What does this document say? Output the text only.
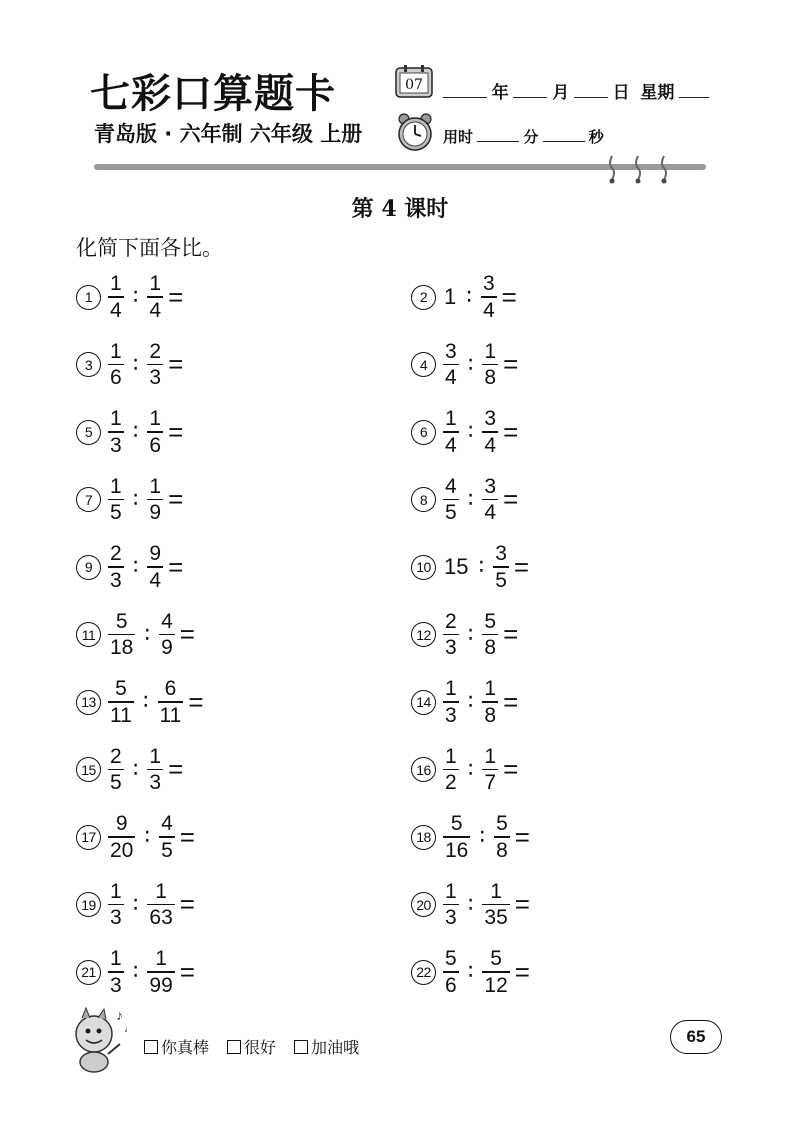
七彩口算题卡
青岛版 · 六年制 六年级 上册
07	年	月	日 星期
用时	分	秒
第 4 课时
化简下面各比。
$1 \frac{1}{4}$ ∶ $\frac{1}{4}$ =	2 1 ∶ $\frac{3}{4}$ =
$3 \frac{1}{6}$ ∶ $\frac{2}{3}$ =	$4 \frac{3}{4}$ ∶ $\frac{1}{8}$ =
$5 \frac{1}{3}$ ∶ $\frac{1}{6}$ =	$6 \frac{1}{4}$ ∶ $\frac{3}{4}$ =
$7 \frac{1}{5}$ ∶ $\frac{1}{9}$ =	$8 \frac{4}{5}$ ∶ $\frac{3}{4}$ =
$9 \frac{2}{3}$ ∶ $\frac{9}{4}$ =	10 15 ∶ $\frac{3}{5}$ =
$11 \frac{5}{18}$ ∶ $\frac{4}{9}$ =	$12 \frac{2}{3}$ ∶ $\frac{5}{8}$ =
$13 \frac{5}{11}$ ∶ $\frac{6}{11}$ =	$14 \frac{1}{3}$ ∶ $\frac{1}{8}$ =
$15 \frac{2}{5}$ ∶ $\frac{1}{3}$ =	$16 \frac{1}{2}$ ∶ $\frac{1}{7}$ =
$17 \frac{9}{20}$ ∶ $\frac{4}{5}$ =	$18 \frac{5}{16}$ ∶ $\frac{5}{8}$ =
$19 \frac{1}{3}$ ∶ $\frac{1}{63}$ =	$20 \frac{1}{3}$ ∶ $\frac{1}{35}$ =
$21 \frac{1}{3}$ ∶ $\frac{1}{99}$ =	$22 \frac{5}{6}$ ∶ $\frac{5}{12}$ =
♪
♩
你真棒 很好 加油哦
65
